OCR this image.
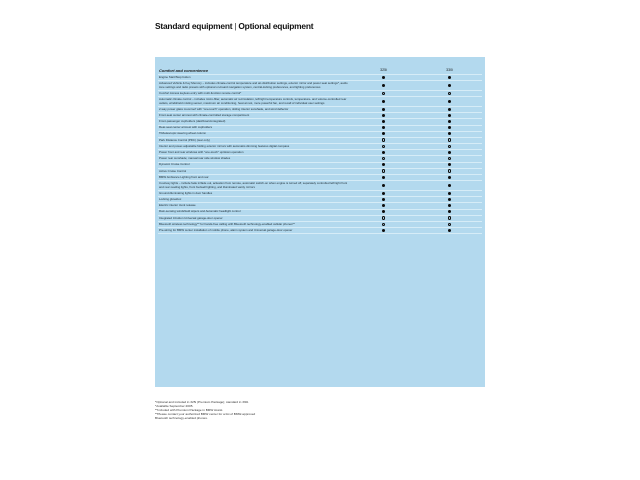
Standard equipment | Optional equipment
Comfort and convenience	325i	330i
Engine Start/Stop button
Advanced Vehicle & Key Memory – includes climate-control temperature and air-distribution settings, exterior mirror and power seat settings*, audio tone settings and radio presets with optional on-board navigation system, central-locking preferences, and lighting preferences
Comfort Access keyless entry with multi-function remote control*
Automatic climate control – includes micro-filter, automatic air recirculation, left/right temperature controls, temperature- and volume-controlled rear outlets, windshield misting sensor, maximum air conditioning, heat at rest, more powerful fan, and recall of individual user settings
2-way power glass moonroof with "one-touch" operation, sliding interior sunshade, and wind deflector
Front-seat center armrest with climate-controlled storage compartment
Front-passenger cupholders (dashboard-integrated)
Rear-seat center armrest with cupholders
Tilt/telescopic steering wheel column
Park Distance Control (PDC) (rear only)
Interior and power-adjustable folding exterior mirrors with automatic-dimming features digital compass
Power front and rear windows with "one-touch" up/down operation
Power rear sunshade; manual rear side window shades
Dynamic Cruise Control
Active Cruise Control
BMW Ambiance Lighting front and rear
Courtesy lights – include fade in/fade out, actuation from remote, automatic switch-on when engine is turned off, separately controlled left/right front and rear reading lights, front footwell lighting, and illuminated vanity mirrors
Ground-illuminating lights in door handles
Locking glovebox
Electric interior trunk release
Rain-sensing windshield wipers and Automatic headlight control
Integrated 3-button Universal garage-door opener
Bluetooth wireless technology** for hands-free calling with Bluetooth technology-enabled cellular phones**
Pre-wiring for BMW center installation of mobile phone, alarm system and Universal garage-door opener
*Optional and included in 325i (Premium Package); standard in 330i.
*Available September 2005.
**Included with Premium Package in BMW Assist.
**Please contact your authorized BMW center for a list of BMW-approved
Bluetooth technology-enabled phones.
